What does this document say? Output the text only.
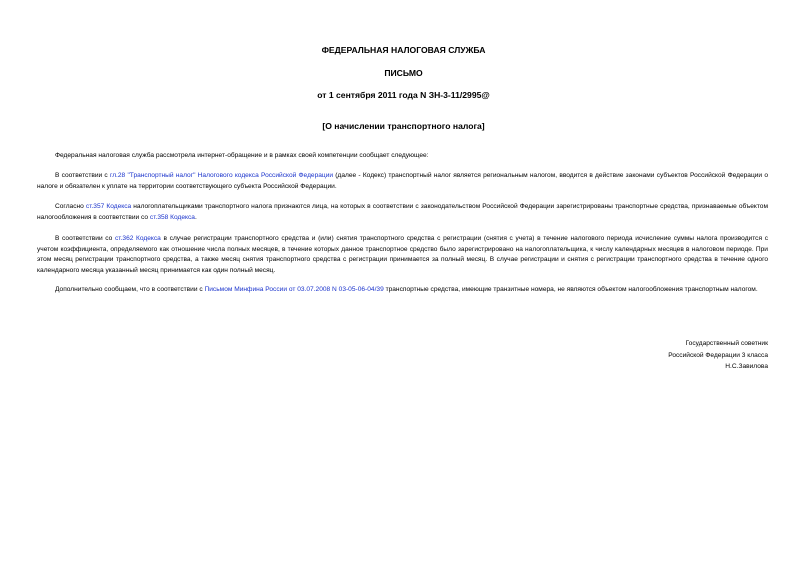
ФЕДЕРАЛЬНАЯ НАЛОГОВАЯ СЛУЖБА
ПИСЬМО
от 1 сентября 2011 года N ЗН-3-11/2995@
[О начислении транспортного налога]

Федеральная налоговая служба рассмотрела интернет-обращение и в рамках своей компетенции сообщает следующее:

В соответствии с гл.28 "Транспортный налог" Налогового кодекса Российской Федерации (далее - Кодекс) транспортный налог является региональным налогом, вводится в действие законами субъектов Российской Федерации о налоге и обязателен к уплате на территории соответствующего субъекта Российской Федерации.

Согласно ст.357 Кодекса налогоплательщиками транспортного налога признаются лица, на которых в соответствии с законодательством Российской Федерации зарегистрированы транспортные средства, признаваемые объектом налогообложения в соответствии со ст.358 Кодекса.

В соответствии со ст.362 Кодекса в случае регистрации транспортного средства и (или) снятия транспортного средства с регистрации (снятия с учета) в течение налогового периода исчисление суммы налога производится с учетом коэффициента, определяемого как отношение числа полных месяцев, в течение которых данное транспортное средство было зарегистрировано на налогоплательщика, к числу календарных месяцев в налоговом периоде. При этом месяц регистрации транспортного средства, а также месяц снятия транспортного средства с регистрации принимается за полный месяц. В случае регистрации и снятия с регистрации транспортного средства в течение одного календарного месяца указанный месяц принимается как один полный месяц.

Дополнительно сообщаем, что в соответствии с Письмом Минфина России от 03.07.2008 N 03-05-06-04/39 транспортные средства, имеющие транзитные номера, не являются объектом налогообложения транспортным налогом.

Государственный советник
Российской Федерации 3 класса
Н.С.Завилова
